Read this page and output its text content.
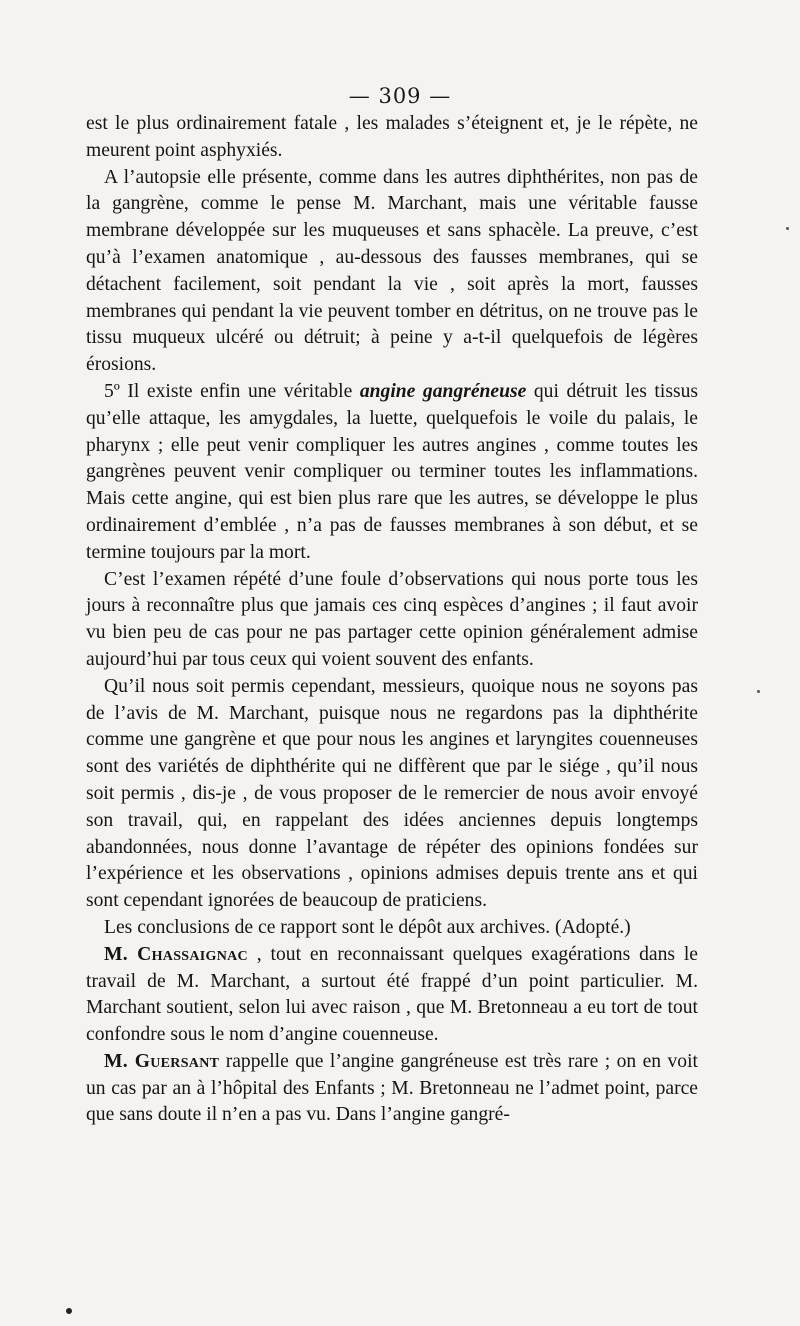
— 309 —

est le plus ordinairement fatale , les malades s’éteignent et, je le répète, ne meurent point asphyxiés.

A l’autopsie elle présente, comme dans les autres diphthérites, non pas de la gangrène, comme le pense M. Marchant, mais une véritable fausse membrane développée sur les muqueuses et sans sphacèle. La preuve, c’est qu’à l’examen anatomique , au-dessous des fausses membranes, qui se détachent facilement, soit pendant la vie , soit après la mort, fausses membranes qui pendant la vie peuvent tomber en détritus, on ne trouve pas le tissu muqueux ulcéré ou détruit; à peine y a-t-il quelquefois de légères érosions.

5º Il existe enfin une véritable angine gangréneuse qui détruit les tissus qu’elle attaque, les amygdales, la luette, quelquefois le voile du palais, le pharynx ; elle peut venir compliquer les autres angines , comme toutes les gangrènes peuvent venir compliquer ou terminer toutes les inflammations. Mais cette angine, qui est bien plus rare que les autres, se développe le plus ordinairement d’emblée , n’a pas de fausses membranes à son début, et se termine toujours par la mort.

C’est l’examen répété d’une foule d’observations qui nous porte tous les jours à reconnaître plus que jamais ces cinq espèces d’angines ; il faut avoir vu bien peu de cas pour ne pas partager cette opinion généralement admise aujourd’hui par tous ceux qui voient souvent des enfants.

Qu’il nous soit permis cependant, messieurs, quoique nous ne soyons pas de l’avis de M. Marchant, puisque nous ne regardons pas la diphthérite comme une gangrène et que pour nous les angines et laryngites couenneuses sont des variétés de diphthérite qui ne diffèrent que par le siége , qu’il nous soit permis , dis-je , de vous proposer de le remercier de nous avoir envoyé son travail, qui, en rappelant des idées anciennes depuis longtemps abandonnées, nous donne l’avantage de répéter des opinions fondées sur l’expérience et les observations , opinions admises depuis trente ans et qui sont cependant ignorées de beaucoup de praticiens.

Les conclusions de ce rapport sont le dépôt aux archives. (Adopté.)

M. Chassaignac , tout en reconnaissant quelques exagérations dans le travail de M. Marchant, a surtout été frappé d’un point particulier. M. Marchant soutient, selon lui avec raison , que M. Bretonneau a eu tort de tout confondre sous le nom d’angine couenneuse.

M. Guersant rappelle que l’angine gangréneuse est très rare ; on en voit un cas par an à l’hôpital des Enfants ; M. Bretonneau ne l’admet point, parce que sans doute il n’en a pas vu. Dans l’angine gangré-
